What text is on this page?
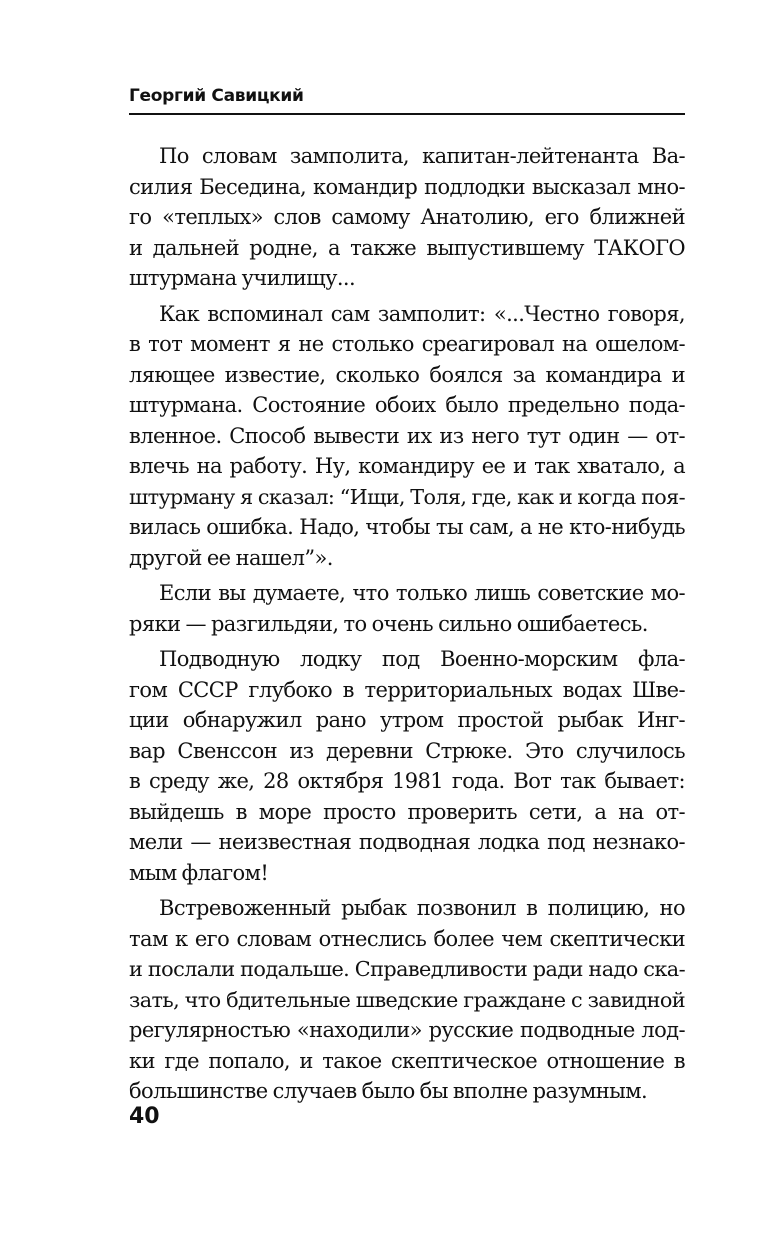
Георгий Савицкий

По словам замполита, капитан-лейтенанта Ва-
силия Беседина, командир подлодки высказал мно-
го «теплых» слов самому Анатолию, его ближней
и дальней родне, а также выпустившему ТАКОГО
штурмана училищу...

Как вспоминал сам замполит: «...Честно говоря,
в тот момент я не столько среагировал на ошелом-
ляющее известие, сколько боялся за командира и
штурмана. Состояние обоих было предельно пода-
вленное. Способ вывести их из него тут один — от-
влечь на работу. Ну, командиру ее и так хватало, а
штурману я сказал: “Ищи, Толя, где, как и когда поя-
вилась ошибка. Надо, чтобы ты сам, а не кто-нибудь
другой ее нашел”».

Если вы думаете, что только лишь советские мо-
ряки — разгильдяи, то очень сильно ошибаетесь.

Подводную лодку под Военно-морским фла-
гом СССР глубоко в территориальных водах Шве-
ции обнаружил рано утром простой рыбак Инг-
вар Свенссон из деревни Стрюке. Это случилось
в среду же, 28 октября 1981 года. Вот так бывает:
выйдешь в море просто проверить сети, а на от-
мели — неизвестная подводная лодка под незнако-
мым флагом!

Встревоженный рыбак позвонил в полицию, но
там к его словам отнеслись более чем скептически
и послали подальше. Справедливости ради надо ска-
зать, что бдительные шведские граждане с завидной
регулярностью «находили» русские подводные лод-
ки где попало, и такое скептическое отношение в
большинстве случаев было бы вполне разумным.

40
